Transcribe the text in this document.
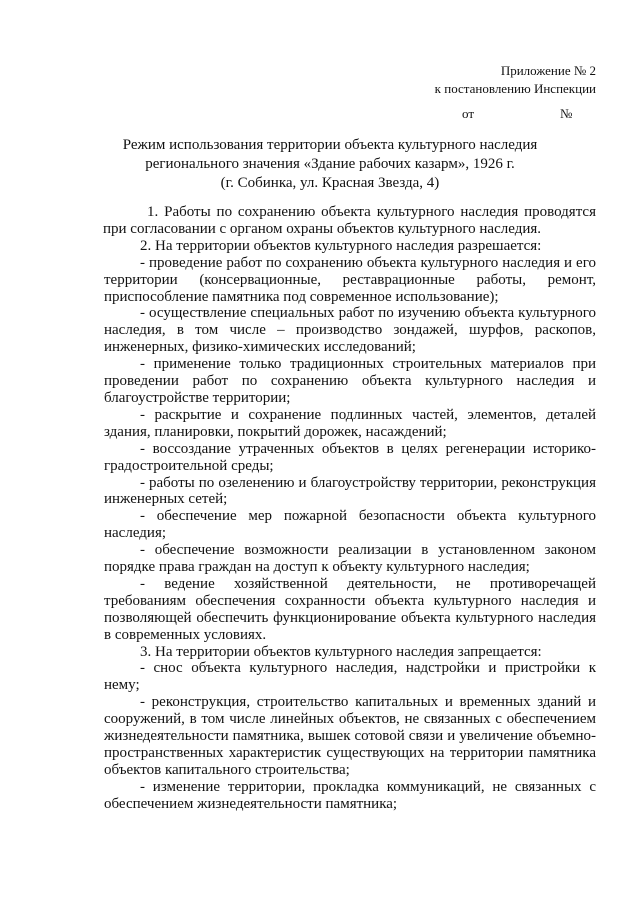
Приложение № 2
к постановлению Инспекции
от	№
Режим использования территории объекта культурного наследия
регионального значения «Здание рабочих казарм», 1926 г.
(г. Собинка, ул. Красная Звезда, 4)

1. Работы по сохранению объекта культурного наследия проводятся при согласовании с органом охраны объектов культурного наследия.

2. На территории объектов культурного наследия разрешается:

- проведение работ по сохранению объекта культурного наследия и его территории (консервационные, реставрационные работы, ремонт, приспособление памятника под современное использование);

- осуществление специальных работ по изучению объекта культурного наследия, в том числе – производство зондажей, шурфов, раскопов, инженерных, физико-химических исследований;

- применение только традиционных строительных материалов при проведении работ по сохранению объекта культурного наследия и благоустройстве территории;

- раскрытие и сохранение подлинных частей, элементов, деталей здания, планировки, покрытий дорожек, насаждений;

- воссоздание утраченных объектов в целях регенерации историко-градостроительной среды;

- работы по озеленению и благоустройству территории, реконструкция инженерных сетей;

- обеспечение мер пожарной безопасности объекта культурного наследия;

- обеспечение возможности реализации в установленном законом порядке права граждан на доступ к объекту культурного наследия;

- ведение хозяйственной деятельности, не противоречащей требованиям обеспечения сохранности объекта культурного наследия и позволяющей обеспечить функционирование объекта культурного наследия в современных условиях.

3. На территории объектов культурного наследия запрещается:

- снос объекта культурного наследия, надстройки и пристройки к нему;

- реконструкция, строительство капитальных и временных зданий и сооружений, в том числе линейных объектов, не связанных с обеспечением жизнедеятельности памятника, вышек сотовой связи и увеличение объемно-пространственных характеристик существующих на территории памятника объектов капитального строительства;

- изменение территории, прокладка коммуникаций, не связанных с обеспечением жизнедеятельности памятника;
